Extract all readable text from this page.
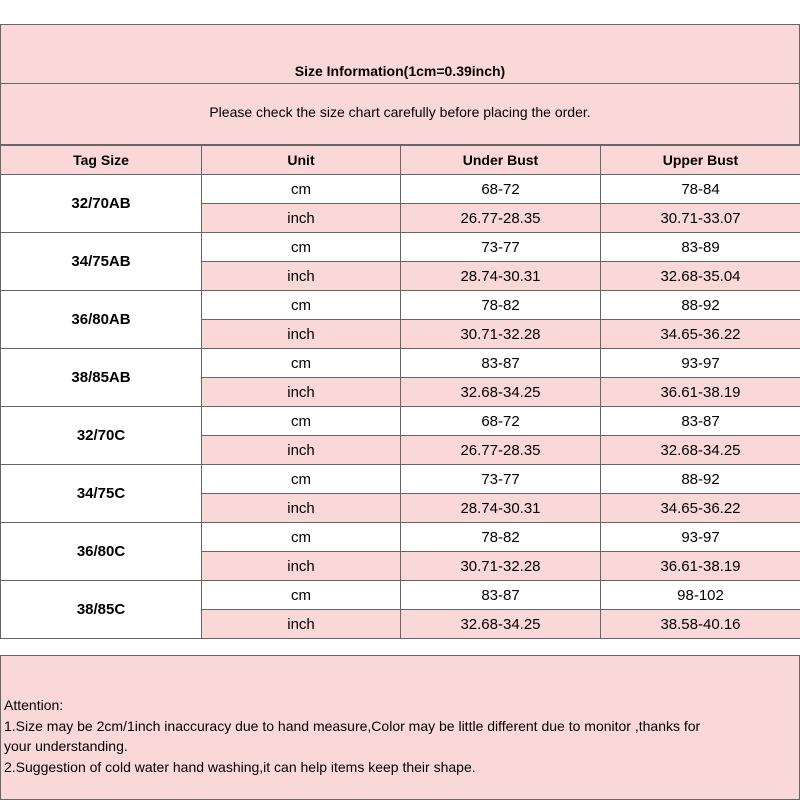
Size Information(1cm=0.39inch)
Please check the size chart carefully before placing the order.
Tag Size	Unit	Under Bust	Upper Bust
32/70AB	cm	68-72	78-84
	inch	26.77-28.35	30.71-33.07
34/75AB	cm	73-77	83-89
	inch	28.74-30.31	32.68-35.04
36/80AB	cm	78-82	88-92
	inch	30.71-32.28	34.65-36.22
38/85AB	cm	83-87	93-97
	inch	32.68-34.25	36.61-38.19
32/70C	cm	68-72	83-87
	inch	26.77-28.35	32.68-34.25
34/75C	cm	73-77	88-92
	inch	28.74-30.31	34.65-36.22
36/80C	cm	78-82	93-97
	inch	30.71-32.28	36.61-38.19
38/85C	cm	83-87	98-102
	inch	32.68-34.25	38.58-40.16

Attention:

1.Size may be 2cm/1inch inaccuracy due to hand measure,Color may be little different due to monitor ,thanks for

your understanding.

2.Suggestion of cold water hand washing,it can help items keep their shape.
